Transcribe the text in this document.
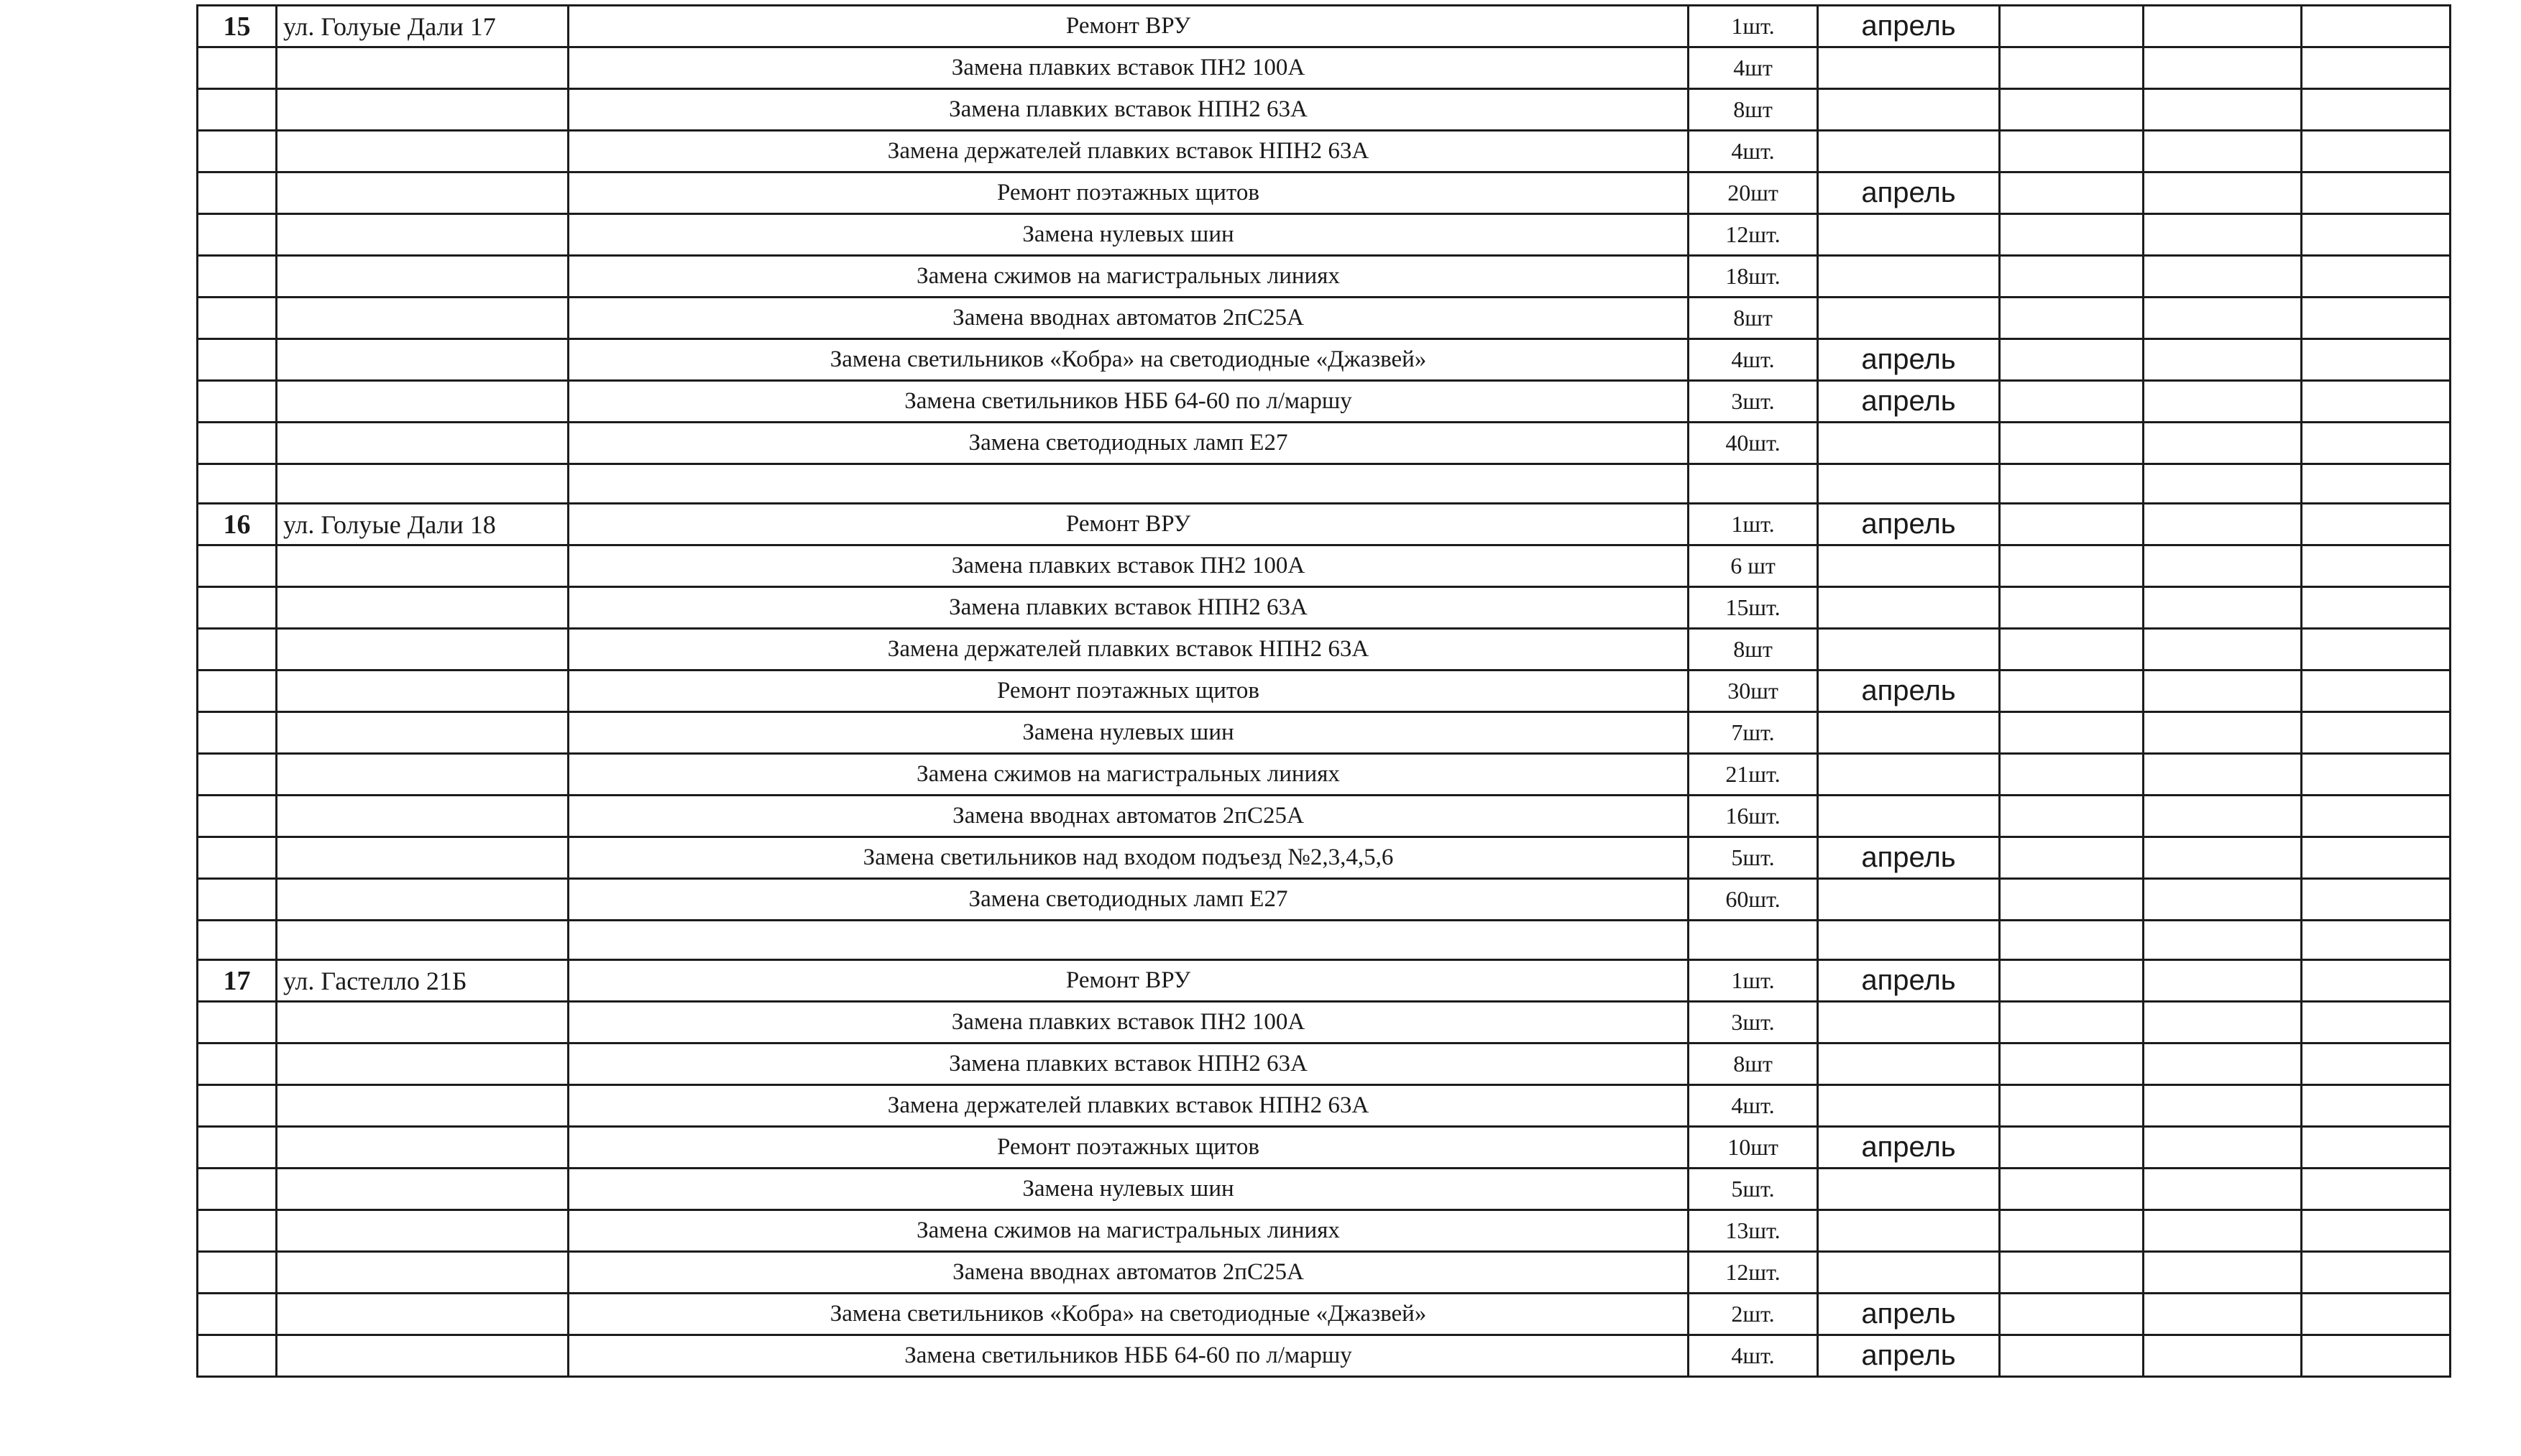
15	ул. Голуые Дали 17	Ремонт ВРУ	1шт.	апрель			
		Замена плавких вставок ПН2 100А	4шт				
		Замена плавких вставок НПН2 63А	8шт				
		Замена держателей плавких вставок НПН2 63А	4шт.				
		Ремонт поэтажных щитов	20шт	апрель			
		Замена нулевых шин	12шт.				
		Замена сжимов на магистральных линиях	18шт.				
		Замена вводнах автоматов 2пС25А	8шт				
		Замена светильников «Кобра» на светодиодные «Джазвей»	4шт.	апрель			
		Замена светильников НББ 64-60 по л/маршу	3шт.	апрель			
		Замена светодиодных ламп Е27	40шт.				

16	ул. Голуые Дали 18	Ремонт ВРУ	1шт.	апрель			
		Замена плавких вставок ПН2 100А	6 шт				
		Замена плавких вставок НПН2 63А	15шт.				
		Замена держателей плавких вставок НПН2 63А	8шт				
		Ремонт поэтажных щитов	30шт	апрель			
		Замена нулевых шин	7шт.				
		Замена сжимов на магистральных линиях	21шт.				
		Замена вводнах автоматов 2пС25А	16шт.				
		Замена светильников над входом подъезд №2,3,4,5,6	5шт.	апрель			
		Замена светодиодных ламп Е27	60шт.				

17	ул. Гастелло 21Б	Ремонт ВРУ	1шт.	апрель			
		Замена плавких вставок ПН2 100А	3шт.				
		Замена плавких вставок НПН2 63А	8шт				
		Замена держателей плавких вставок НПН2 63А	4шт.				
		Ремонт поэтажных щитов	10шт	апрель			
		Замена нулевых шин	5шт.				
		Замена сжимов на магистральных линиях	13шт.				
		Замена вводнах автоматов 2пС25А	12шт.				
		Замена светильников «Кобра» на светодиодные «Джазвей»	2шт.	апрель			
		Замена светильников НББ 64-60 по л/маршу	4шт.	апрель			
